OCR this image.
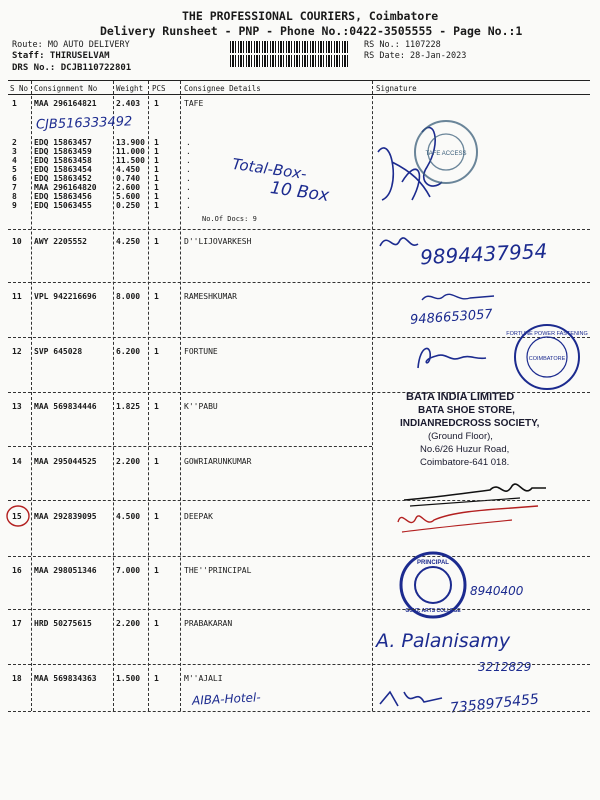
THE PROFESSIONAL COURIERS, Coimbatore
Delivery Runsheet - PNP - Phone No.:0422-3505555 - Page No.:1
Route: MO AUTO DELIVERY
Staff: THIRUSELVAM
DRS No.: DCJB110722801
RS No.: 1107228
RS Date: 28-Jan-2023
S No Consignment No	Weight PCS Consignee Details	Signature
1 MAA 296164821 2.403 1	TAFE
CJB516333492
2 EDQ 15863457	13.900 1	.
3 EDQ 15863459	11.000 1	.
4 EDQ 15863458	11.500 1	.
5 EDQ 15863454	4.450 1	.
6 EDQ 15863452	0.740 1	.
7 MAA 296164820 2.600 1	.
8 EDQ 15863456	5.600 1	.
9 EDQ 15063455	0.250 1	.
No.Of Docs: 9
Total-Box-
10 Box
TAFE ACCESS
10 AWY 2205552	4.250 1	D''LIJOVARKESH	9894437954
11 VPL 942216696 8.000 1	RAMESHKUMAR
9486653057
12 SVP 645028	6.200 1	FORTUNE
FORTUNE POWER FASTENING
COIMBATORE
13 MAA 569834446 1.825 1	K''PABU
BATA INDIA LIMITED
BATA SHOE STORE,
INDIANREDCROSS SOCIETY,
(Ground Floor),
No.6/26 Huzur Road,
Coimbatore-641 018.
14 MAA 295044525 2.200 1	GOWRIARUNKUMAR
15 MAA 292839095 4.500 1	DEEPAK
16 MAA 298051346 7.000 1	THE''PRINCIPAL
PRINCIPAL
GOVT. ARTS COLLEGE
8940400
17 HRD 50275615	2.200 1	PRABAKARAN
A. Palanisamy
3212829
18 MAA 569834363 1.500 1	M''AJALI
AIBA-Hotel-	7358975455
